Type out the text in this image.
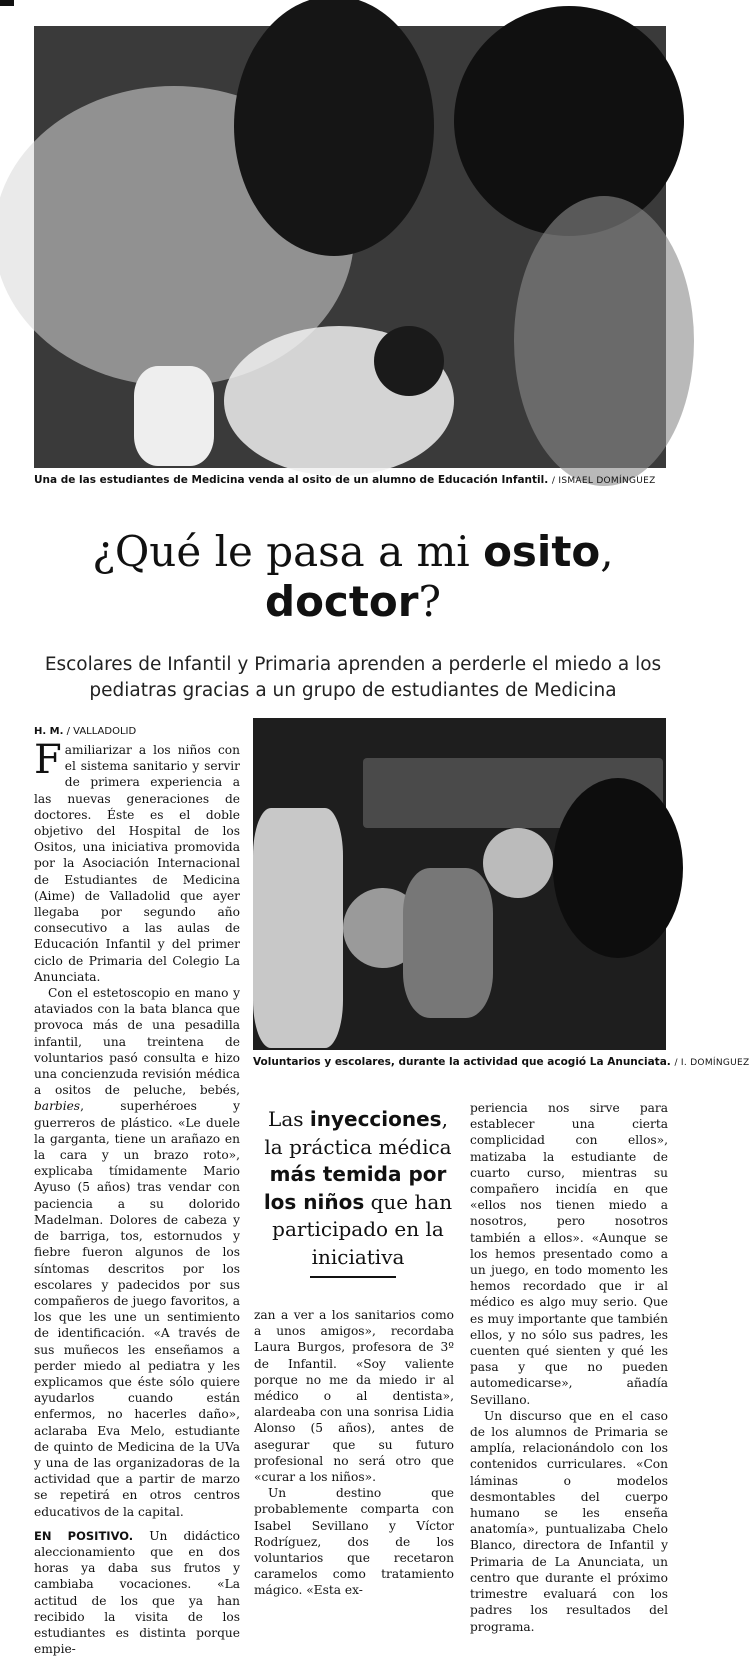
Una de las estudiantes de Medicina venda al osito de un alumno de Educación Infantil. / ISMAEL DOMÍNGUEZ
¿Qué le pasa a mi osito,
doctor?
Escolares de Infantil y Primaria aprenden a perderle el miedo a los pediatras gracias a un grupo de estudiantes de Medicina
H. M. / VALLADOLID

Familiarizar a los niños con el sistema sanitario y servir de primera experiencia a las nuevas generaciones de doctores. Éste es el doble objetivo del Hospital de los Ositos, una iniciativa promovida por la Asociación Internacional de Estudiantes de Medicina (Aime) de Valladolid que ayer llegaba por segundo año consecutivo a las aulas de Educación Infantil y del primer ciclo de Primaria del Colegio La Anunciata.

Con el estetoscopio en mano y ataviados con la bata blanca que provoca más de una pesadilla infantil, una treintena de voluntarios pasó consulta e hizo una concienzuda revisión médica a ositos de peluche, bebés, barbies, superhéroes y guerreros de plástico. «Le duele la garganta, tiene un arañazo en la cara y un brazo roto», explicaba tímidamente Mario Ayuso (5 años) tras vendar con paciencia a su dolorido Madelman. Dolores de cabeza y de barriga, tos, estornudos y fiebre fueron algunos de los síntomas descritos por los escolares y padecidos por sus compañeros de juego favoritos, a los que les une un sentimiento de identificación. «A través de sus muñecos les enseñamos a perder miedo al pediatra y les explicamos que éste sólo quiere ayudarlos cuando están enfermos, no hacerles daño», aclaraba Eva Melo, estudiante de quinto de Medicina de la UVa y una de las organizadoras de la actividad que a partir de marzo se repetirá en otros centros educativos de la capital.

EN POSITIVO. Un didáctico aleccionamiento que en dos horas ya daba sus frutos y cambiaba vocaciones. «La actitud de los que ya han recibido la visita de los estudiantes es distinta porque empie-

Voluntarios y escolares, durante la actividad que acogió La Anunciata. / I. DOMÍNGUEZ
Las inyecciones, la práctica médica más temida por los niños que han participado en la iniciativa

zan a ver a los sanitarios como a unos amigos», recordaba Laura Burgos, profesora de 3º de Infantil. «Soy valiente porque no me da miedo ir al médico o al dentista», alardeaba con una sonrisa Lidia Alonso (5 años), antes de asegurar que su futuro profesional no será otro que «curar a los niños».

Un destino que probablemente comparta con Isabel Sevillano y Víctor Rodríguez, dos de los voluntarios que recetaron caramelos como tratamiento mágico. «Esta ex-

periencia nos sirve para establecer una cierta complicidad con ellos», matizaba la estudiante de cuarto curso, mientras su compañero incidía en que «ellos nos tienen miedo a nosotros, pero nosotros también a ellos». «Aunque se los hemos presentado como a un juego, en todo momento les hemos recordado que ir al médico es algo muy serio. Que es muy importante que también ellos, y no sólo sus padres, les cuenten qué sienten y qué les pasa y que no pueden automedicarse», añadía Sevillano.

Un discurso que en el caso de los alumnos de Primaria se amplía, relacionándolo con los contenidos curriculares. «Con láminas o modelos desmontables del cuerpo humano se les enseña anatomía», puntualizaba Chelo Blanco, directora de Infantil y Primaria de La Anunciata, un centro que durante el próximo trimestre evaluará con los padres los resultados del programa.
